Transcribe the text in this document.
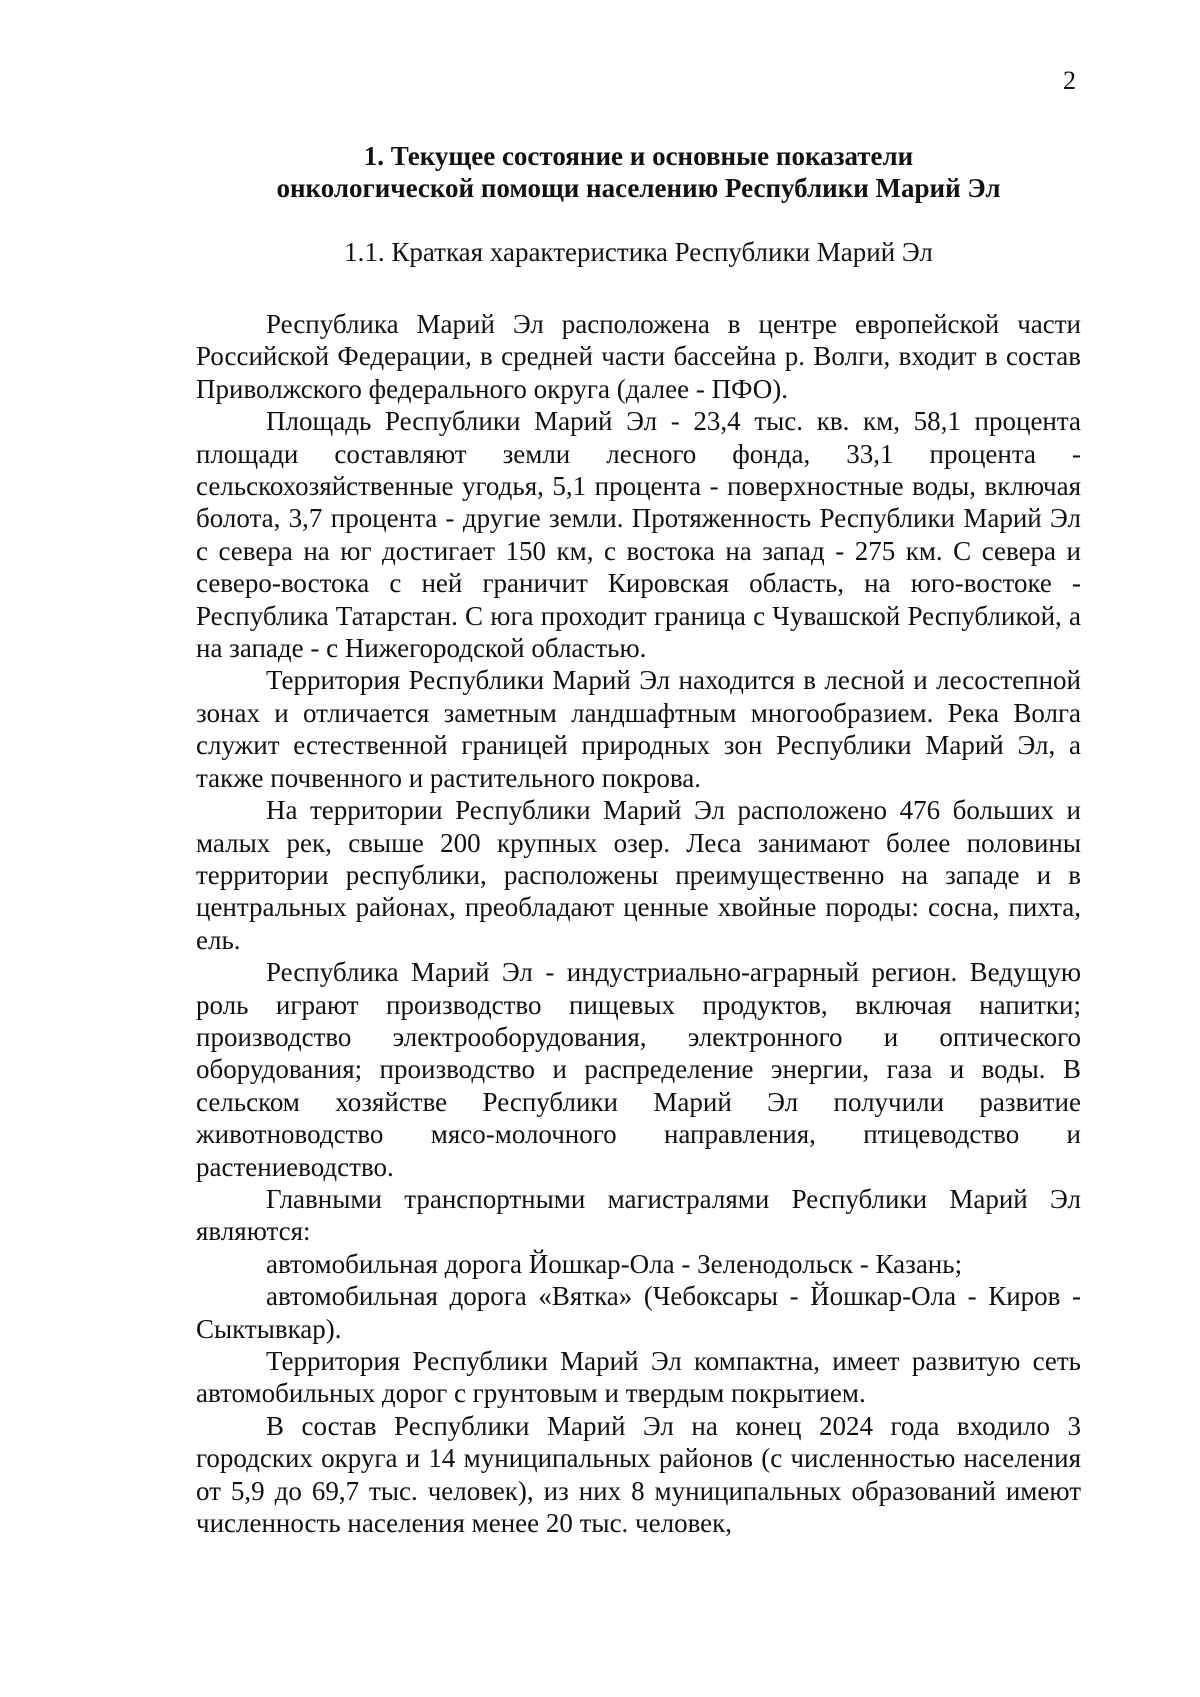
2
1. Текущее состояние и основные показатели
онкологической помощи населению Республики Марий Эл
1.1. Краткая характеристика Республики Марий Эл

Республика Марий Эл расположена в центре европейской части Российской Федерации, в средней части бассейна р. Волги, входит в состав Приволжского федерального округа (далее - ПФО).

Площадь Республики Марий Эл - 23,4 тыс. кв. км, 58,1 процента площади составляют земли лесного фонда, 33,1 процента - сельскохозяйственные угодья, 5,1 процента - поверхностные воды, включая болота, 3,7 процента - другие земли. Протяженность Республики Марий Эл с севера на юг достигает 150 км, с востока на запад - 275 км. С севера и северо-востока с ней граничит Кировская область, на юго-востоке - Республика Татарстан. С юга проходит граница с Чувашской Республикой, а на западе - с Нижегородской областью.

Территория Республики Марий Эл находится в лесной и лесостепной зонах и отличается заметным ландшафтным многообразием. Река Волга служит естественной границей природных зон Республики Марий Эл, а также почвенного и растительного покрова.

На территории Республики Марий Эл расположено 476 больших и малых рек, свыше 200 крупных озер. Леса занимают более половины территории республики, расположены преимущественно на западе и в центральных районах, преобладают ценные хвойные породы: сосна, пихта, ель.

Республика Марий Эл - индустриально-аграрный регион. Ведущую роль играют производство пищевых продуктов, включая напитки; производство электрооборудования, электронного и оптического оборудования; производство и распределение энергии, газа и воды. В сельском хозяйстве Республики Марий Эл получили развитие животноводство мясо-молочного направления, птицеводство и растениеводство.

Главными транспортными магистралями Республики Марий Эл являются:

автомобильная дорога Йошкар-Ола - Зеленодольск - Казань;

автомобильная дорога «Вятка» (Чебоксары - Йошкар-Ола - Киров - Сыктывкар).

Территория Республики Марий Эл компактна, имеет развитую сеть автомобильных дорог с грунтовым и твердым покрытием.

В состав Республики Марий Эл на конец 2024 года входило 3 городских округа и 14 муниципальных районов (с численностью населения от 5,9 до 69,7 тыс. человек), из них 8 муниципальных образований имеют численность населения менее 20 тыс. человек,
